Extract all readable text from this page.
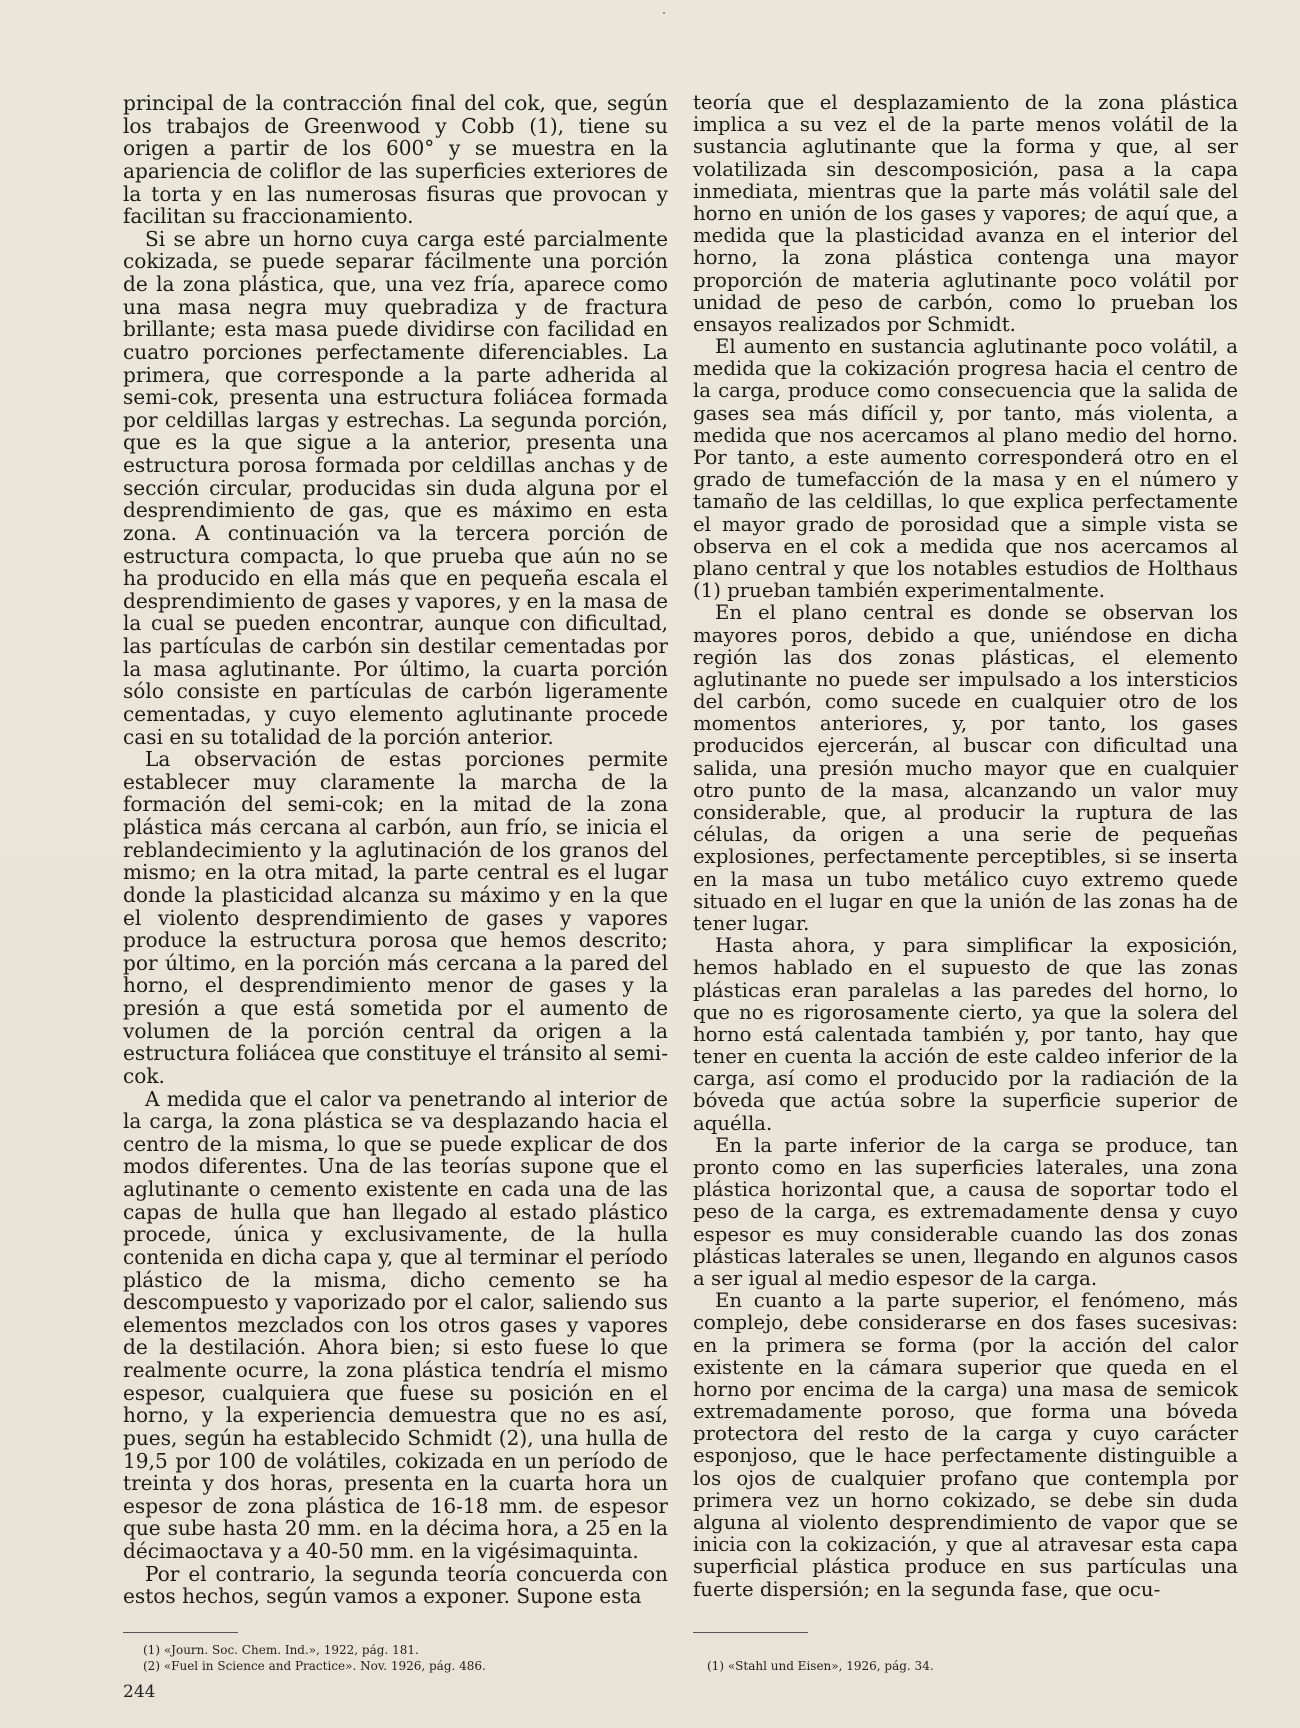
principal de la contracción final del cok, que, según los trabajos de Greenwood y Cobb (1), tiene su origen a partir de los 600° y se muestra en la apariencia de coliflor de las superficies exteriores de la torta y en las numerosas fisuras que provocan y facilitan su fraccionamiento.

Si se abre un horno cuya carga esté parcialmente cokizada, se puede separar fácilmente una porción de la zona plástica, que, una vez fría, aparece como una masa negra muy quebradiza y de fractura brillante; esta masa puede dividirse con facilidad en cuatro porciones perfectamente diferenciables. La primera, que corresponde a la parte adherida al semi-cok, presenta una estructura foliácea formada por celdillas largas y estrechas. La segunda porción, que es la que sigue a la anterior, presenta una estructura porosa formada por celdillas anchas y de sección circular, producidas sin duda alguna por el desprendimiento de gas, que es máximo en esta zona. A continuación va la tercera porción de estructura compacta, lo que prueba que aún no se ha producido en ella más que en pequeña escala el desprendimiento de gases y vapores, y en la masa de la cual se pueden encontrar, aunque con dificultad, las partículas de carbón sin destilar cementadas por la masa aglutinante. Por último, la cuarta porción sólo consiste en partículas de carbón ligeramente cementadas, y cuyo elemento aglutinante procede casi en su totalidad de la porción anterior.

La observación de estas porciones permite establecer muy claramente la marcha de la formación del semi-cok; en la mitad de la zona plástica más cercana al carbón, aun frío, se inicia el reblandecimiento y la aglutinación de los granos del mismo; en la otra mitad, la parte central es el lugar donde la plasticidad alcanza su máximo y en la que el violento desprendimiento de gases y vapores produce la estructura porosa que hemos descrito; por último, en la porción más cercana a la pared del horno, el desprendimiento menor de gases y la presión a que está sometida por el aumento de volumen de la porción central da origen a la estructura foliácea que constituye el tránsito al semi-cok.

A medida que el calor va penetrando al interior de la carga, la zona plástica se va desplazando hacia el centro de la misma, lo que se puede explicar de dos modos diferentes. Una de las teorías supone que el aglutinante o cemento existente en cada una de las capas de hulla que han llegado al estado plástico procede, única y exclusivamente, de la hulla contenida en dicha capa y, que al terminar el período plástico de la misma, dicho cemento se ha descompuesto y vaporizado por el calor, saliendo sus elementos mezclados con los otros gases y vapores de la destilación. Ahora bien; si esto fuese lo que realmente ocurre, la zona plástica tendría el mismo espesor, cualquiera que fuese su posición en el horno, y la experiencia demuestra que no es así, pues, según ha establecido Schmidt (2), una hulla de 19,5 por 100 de volátiles, cokizada en un período de treinta y dos horas, presenta en la cuarta hora un espesor de zona plástica de 16-18 mm. de espesor que sube hasta 20 mm. en la décima hora, a 25 en la décimaoctava y a 40-50 mm. en la vigésimaquinta.

Por el contrario, la segunda teoría concuerda con estos hechos, según vamos a exponer. Supone esta

teoría que el desplazamiento de la zona plástica implica a su vez el de la parte menos volátil de la sustancia aglutinante que la forma y que, al ser volatilizada sin descomposición, pasa a la capa inmediata, mientras que la parte más volátil sale del horno en unión de los gases y vapores; de aquí que, a medida que la plasticidad avanza en el interior del horno, la zona plástica contenga una mayor proporción de materia aglutinante poco volátil por unidad de peso de carbón, como lo prueban los ensayos realizados por Schmidt.

El aumento en sustancia aglutinante poco volátil, a medida que la cokización progresa hacia el centro de la carga, produce como consecuencia que la salida de gases sea más difícil y, por tanto, más violenta, a medida que nos acercamos al plano medio del horno. Por tanto, a este aumento corresponderá otro en el grado de tumefacción de la masa y en el número y tamaño de las celdillas, lo que explica perfectamente el mayor grado de porosidad que a simple vista se observa en el cok a medida que nos acercamos al plano central y que los notables estudios de Holthaus (1) prueban también experimentalmente.

En el plano central es donde se observan los mayores poros, debido a que, uniéndose en dicha región las dos zonas plásticas, el elemento aglutinante no puede ser impulsado a los intersticios del carbón, como sucede en cualquier otro de los momentos anteriores, y, por tanto, los gases producidos ejercerán, al buscar con dificultad una salida, una presión mucho mayor que en cualquier otro punto de la masa, alcanzando un valor muy considerable, que, al producir la ruptura de las células, da origen a una serie de pequeñas explosiones, perfectamente perceptibles, si se inserta en la masa un tubo metálico cuyo extremo quede situado en el lugar en que la unión de las zonas ha de tener lugar.

Hasta ahora, y para simplificar la exposición, hemos hablado en el supuesto de que las zonas plásticas eran paralelas a las paredes del horno, lo que no es rigorosamente cierto, ya que la solera del horno está calentada también y, por tanto, hay que tener en cuenta la acción de este caldeo inferior de la carga, así como el producido por la radiación de la bóveda que actúa sobre la superficie superior de aquélla.

En la parte inferior de la carga se produce, tan pronto como en las superficies laterales, una zona plástica horizontal que, a causa de soportar todo el peso de la carga, es extremadamente densa y cuyo espesor es muy considerable cuando las dos zonas plásticas laterales se unen, llegando en algunos casos a ser igual al medio espesor de la carga.

En cuanto a la parte superior, el fenómeno, más complejo, debe considerarse en dos fases sucesivas: en la primera se forma (por la acción del calor existente en la cámara superior que queda en el horno por encima de la carga) una masa de semicok extremadamente poroso, que forma una bóveda protectora del resto de la carga y cuyo carácter esponjoso, que le hace perfectamente distinguible a los ojos de cualquier profano que contempla por primera vez un horno cokizado, se debe sin duda alguna al violento desprendimiento de vapor que se inicia con la cokización, y que al atravesar esta capa superficial plástica produce en sus partículas una fuerte dispersión; en la segunda fase, que ocu-

(1) «Journ. Soc. Chem. Ind.», 1922, pág. 181.
(2) «Fuel in Science and Practice». Nov. 1926, pág. 486.	(1) «Stahl und Eisen», 1926, pág. 34.
244
